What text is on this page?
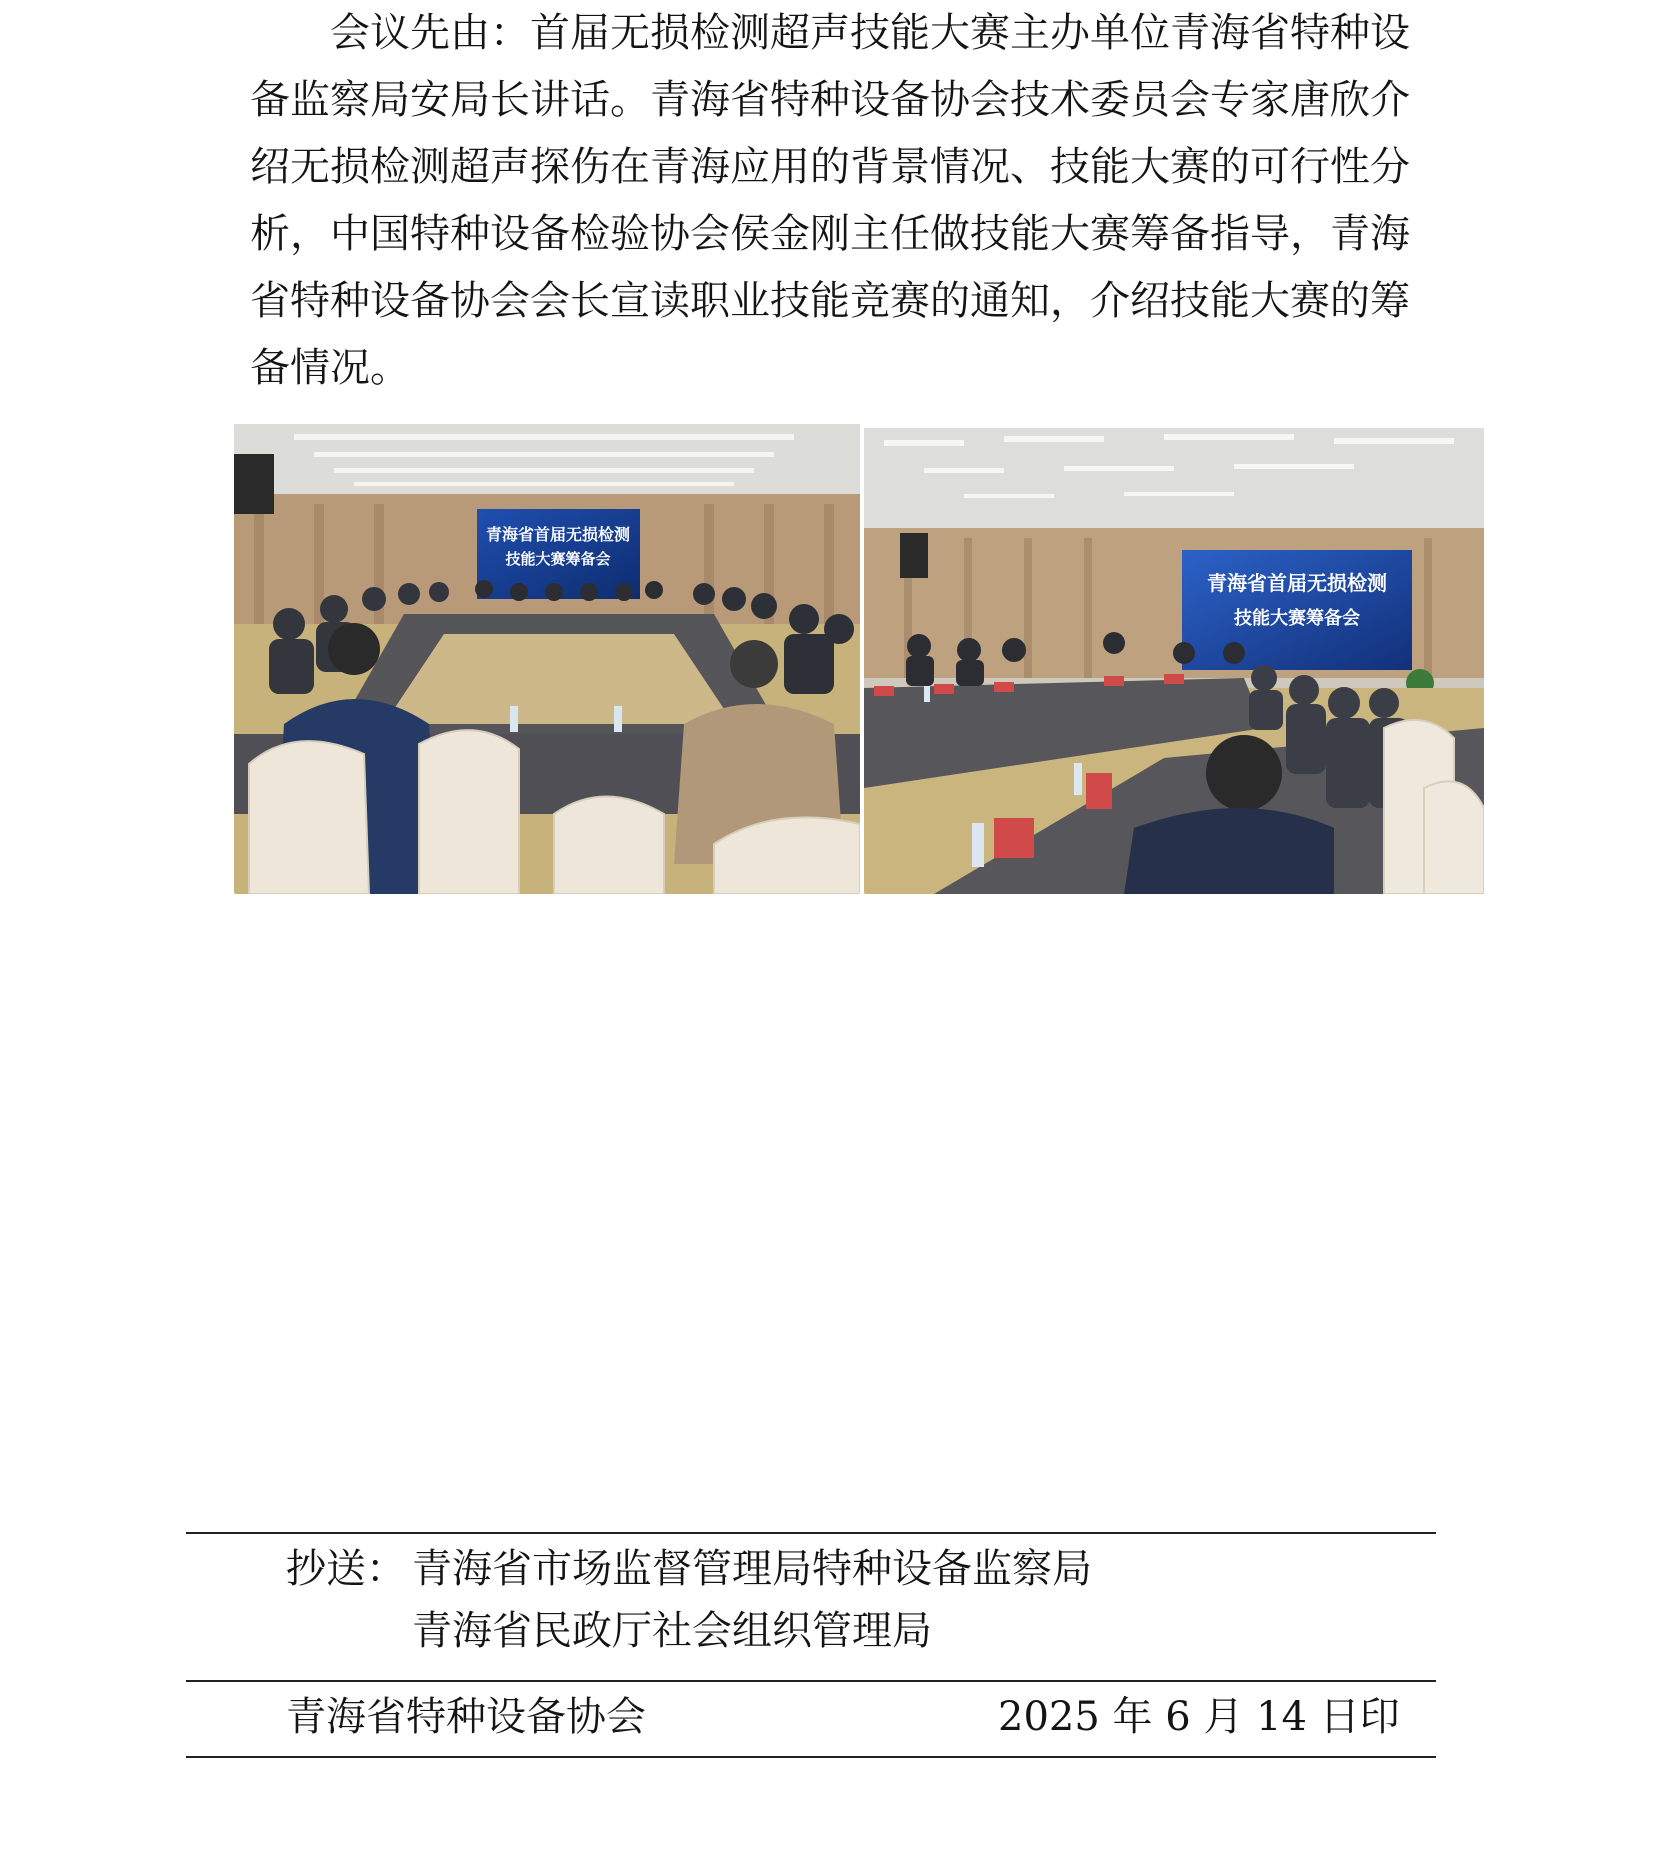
会议先由：首届无损检测超声技能大赛主办单位青海省特种设备监察局安局长讲话。青海省特种设备协会技术委员会专家唐欣介绍无损检测超声探伤在青海应用的背景情况、技能大赛的可行性分析，中国特种设备检验协会侯金刚主任做技能大赛筹备指导，青海省特种设备协会会长宣读职业技能竞赛的通知，介绍技能大赛的筹备情况。

青海省首届无损检测
技能大赛筹备会
青海省首届无损检测
技能大赛筹备会
抄送： 青海省市场监督管理局特种设备监察局
青海省民政厅社会组织管理局
青海省特种设备协会	2025 年 6 月 14 日印
